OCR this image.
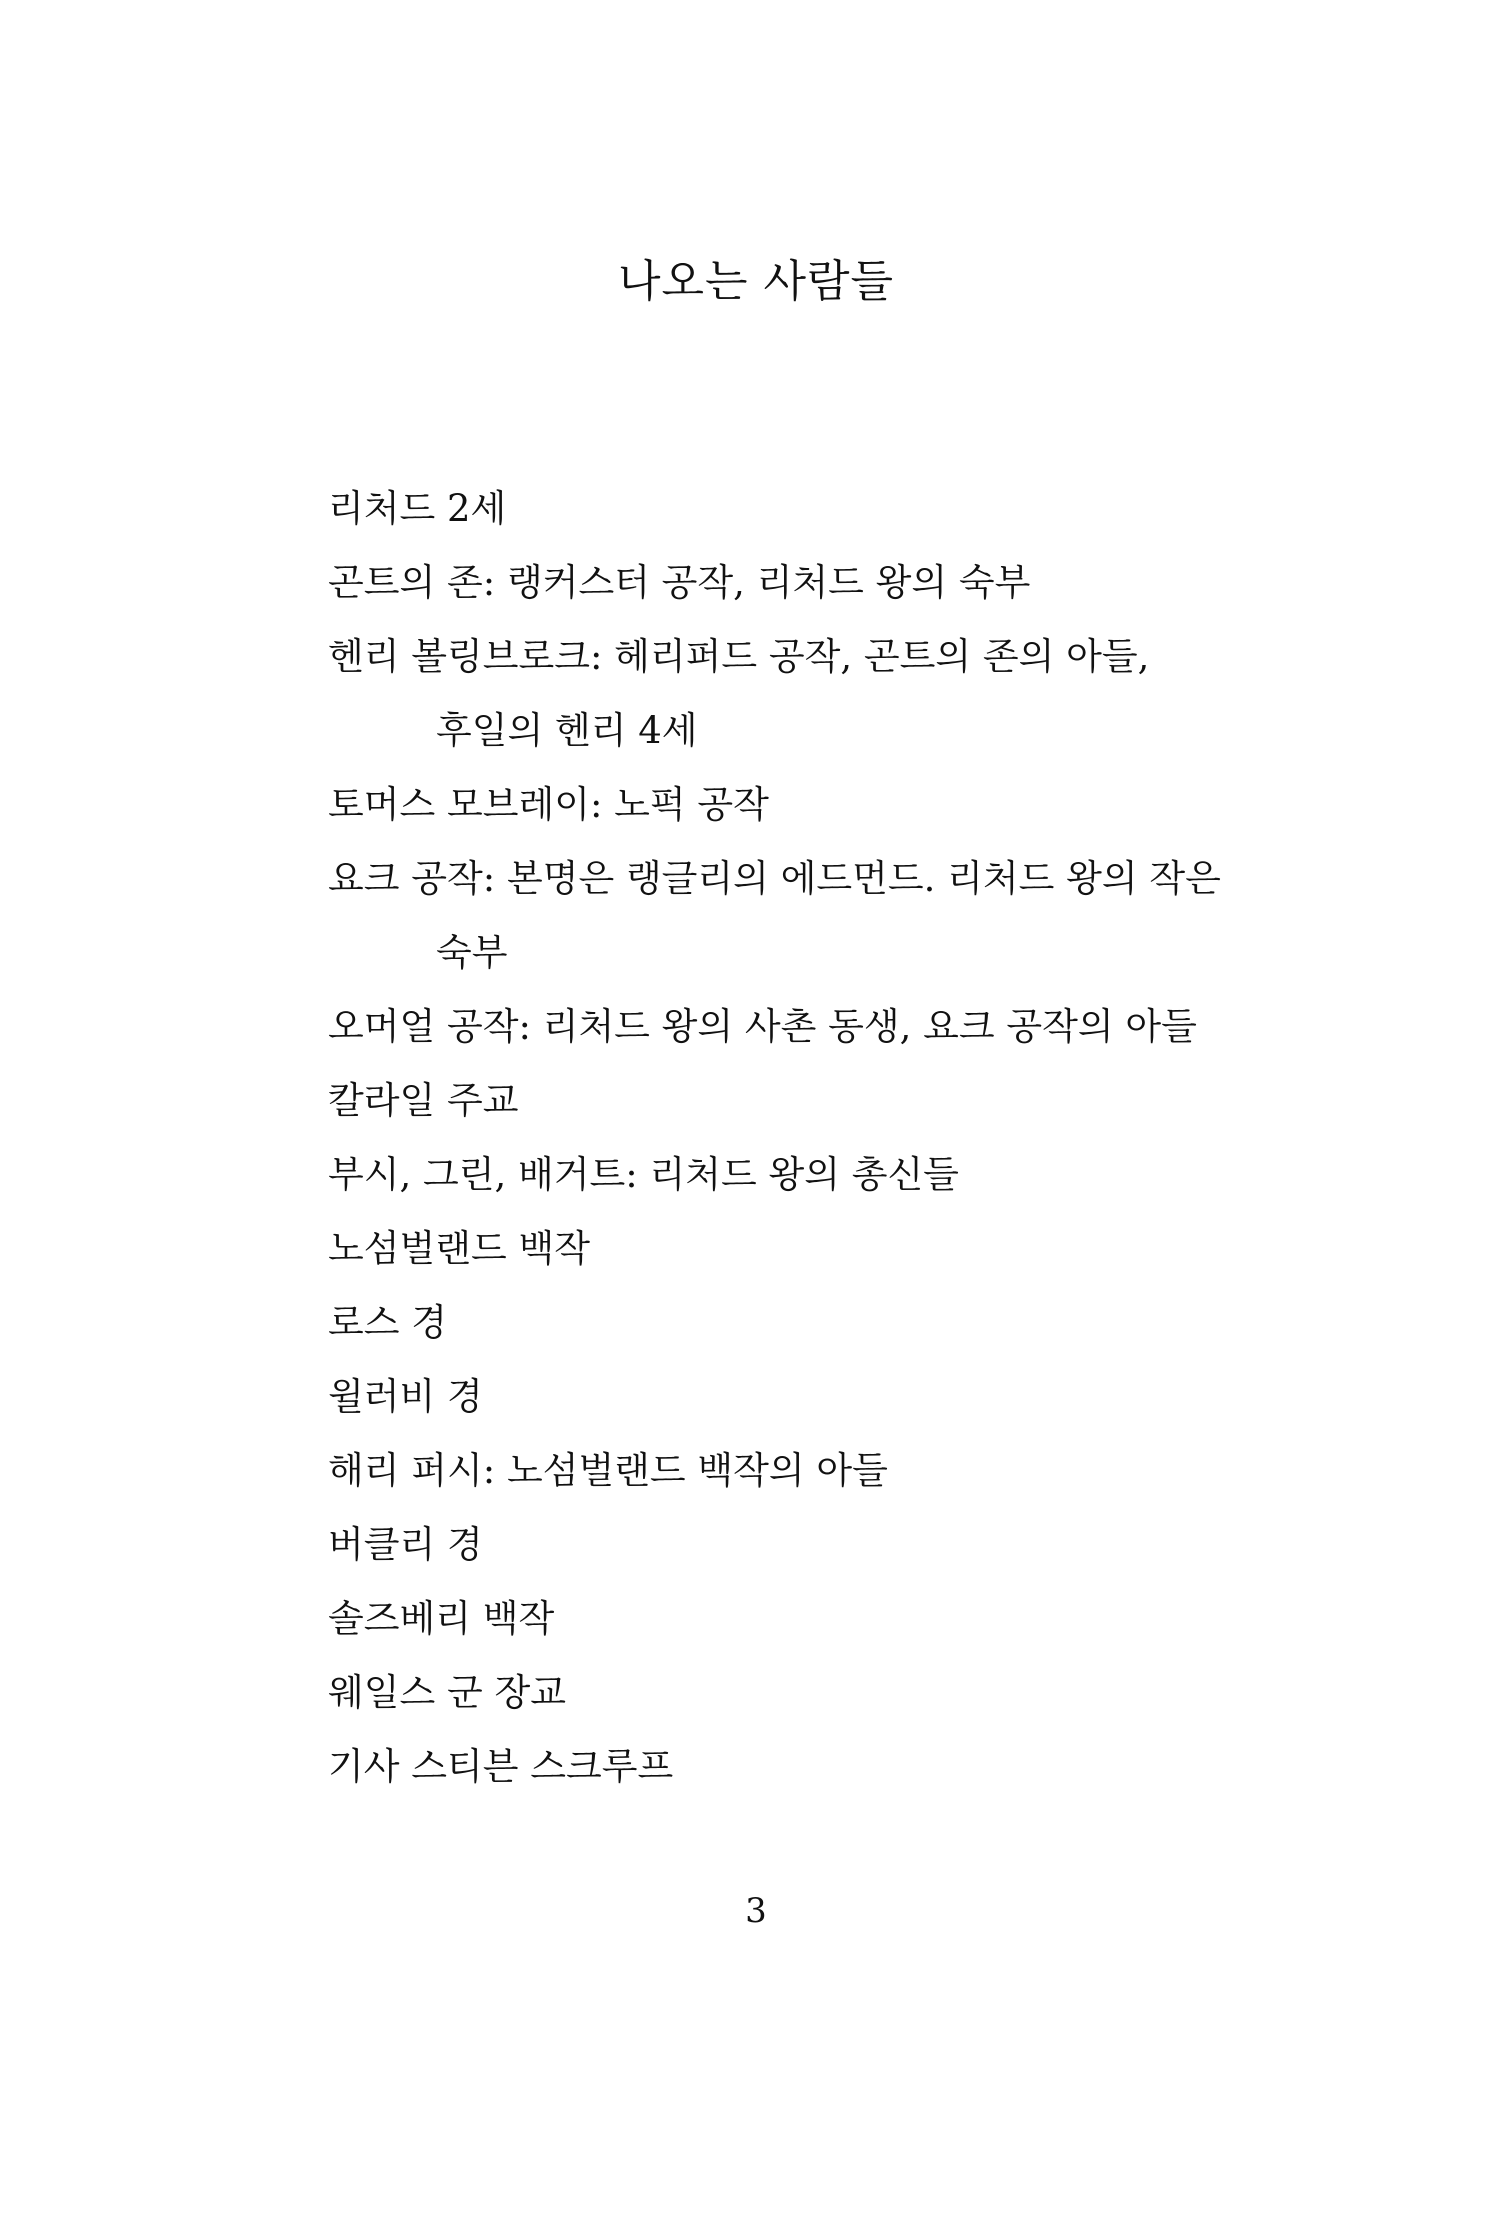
나오는 사람들
리처드 2세
곤트의 존: 랭커스터 공작, 리처드 왕의 숙부
헨리 볼링브로크: 헤리퍼드 공작, 곤트의 존의 아들, 후일의 헨리 4세
토머스 모브레이: 노퍽 공작
요크 공작: 본명은 랭글리의 에드먼드. 리처드 왕의 작은 숙부
오머얼 공작: 리처드 왕의 사촌 동생, 요크 공작의 아들
칼라일 주교
부시, 그린, 배거트: 리처드 왕의 총신들
노섬벌랜드 백작
로스 경
윌러비 경
해리 퍼시: 노섬벌랜드 백작의 아들
버클리 경
솔즈베리 백작
웨일스 군 장교
기사 스티븐 스크루프
3
